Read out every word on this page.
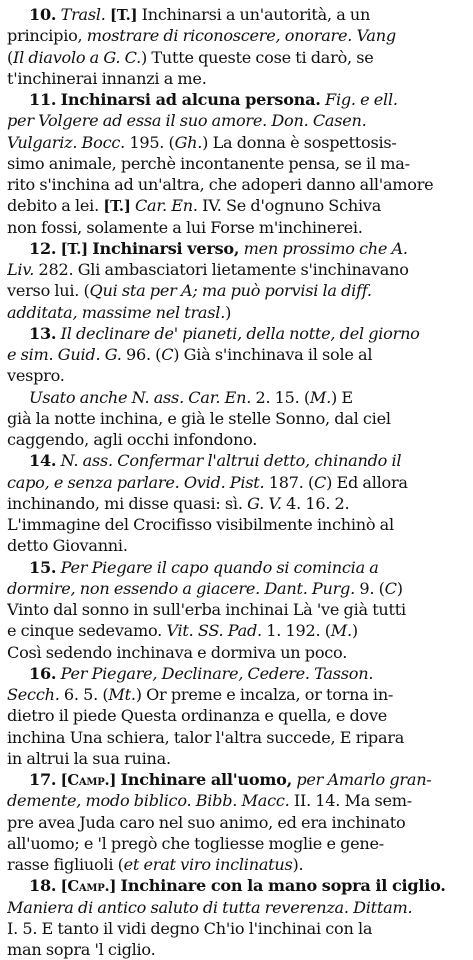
10. Trasl. [T.] Inchinarsi a un'autorità, a un
principio, mostrare di riconoscere, onorare. Vang
(Il diavolo a G. C.) Tutte queste cose ti darò, se
t'inchinerai innanzi a me.
11. Inchinarsi ad alcuna persona. Fig. e ell.
per Volgere ad essa il suo amore. Don. Casen.
Vulgariz. Bocc. 195. (Gh.) La donna è sospettosis-
simo animale, perchè incontanente pensa, se il ma-
rito s'inchina ad un'altra, che adoperi danno all'amore
debito a lei. [T.] Car. En. IV. Se d'ognuno Schiva
non fossi, solamente a lui Forse m'inchinerei.
12. [T.] Inchinarsi verso, men prossimo che A.
Liv. 282. Gli ambasciatori lietamente s'inchinavano
verso lui. (Qui sta per A; ma può porvisi la diff.
additata, massime nel trasl.)
13. Il declinare de' pianeti, della notte, del giorno
e sim. Guid. G. 96. (C) Già s'inchinava il sole al
vespro.
Usato anche N. ass. Car. En. 2. 15. (M.) E
già la notte inchina, e già le stelle Sonno, dal ciel
caggendo, agli occhi infondono.
14. N. ass. Confermar l'altrui detto, chinando il
capo, e senza parlare. Ovid. Pist. 187. (C) Ed allora
inchinando, mi disse quasi: sì. G. V. 4. 16. 2.
L'immagine del Crocifisso visibilmente inchinò al
detto Giovanni.
15. Per Piegare il capo quando si comincia a
dormire, non essendo a giacere. Dant. Purg. 9. (C)
Vinto dal sonno in sull'erba inchinai Là 've già tutti
e cinque sedevamo. Vit. SS. Pad. 1. 192. (M.)
Così sedendo inchinava e dormiva un poco.
16. Per Piegare, Declinare, Cedere. Tasson.
Secch. 6. 5. (Mt.) Or preme e incalza, or torna in-
dietro il piede Questa ordinanza e quella, e dove
inchina Una schiera, talor l'altra succede, E ripara
in altrui la sua ruina.
17. [Camp.] Inchinare all'uomo, per Amarlo gran-
demente, modo biblico. Bibb. Macc. II. 14. Ma sem-
pre avea Juda caro nel suo animo, ed era inchinato
all'uomo; e 'l pregò che togliesse moglie e gene-
rasse figliuoli (et erat viro inclinatus).
18. [Camp.] Inchinare con la mano sopra il ciglio.
Maniera di antico saluto di tutta reverenza. Dittam.
I. 5. E tanto il vidi degno Ch'io l'inchinai con la
man sopra 'l ciglio.
